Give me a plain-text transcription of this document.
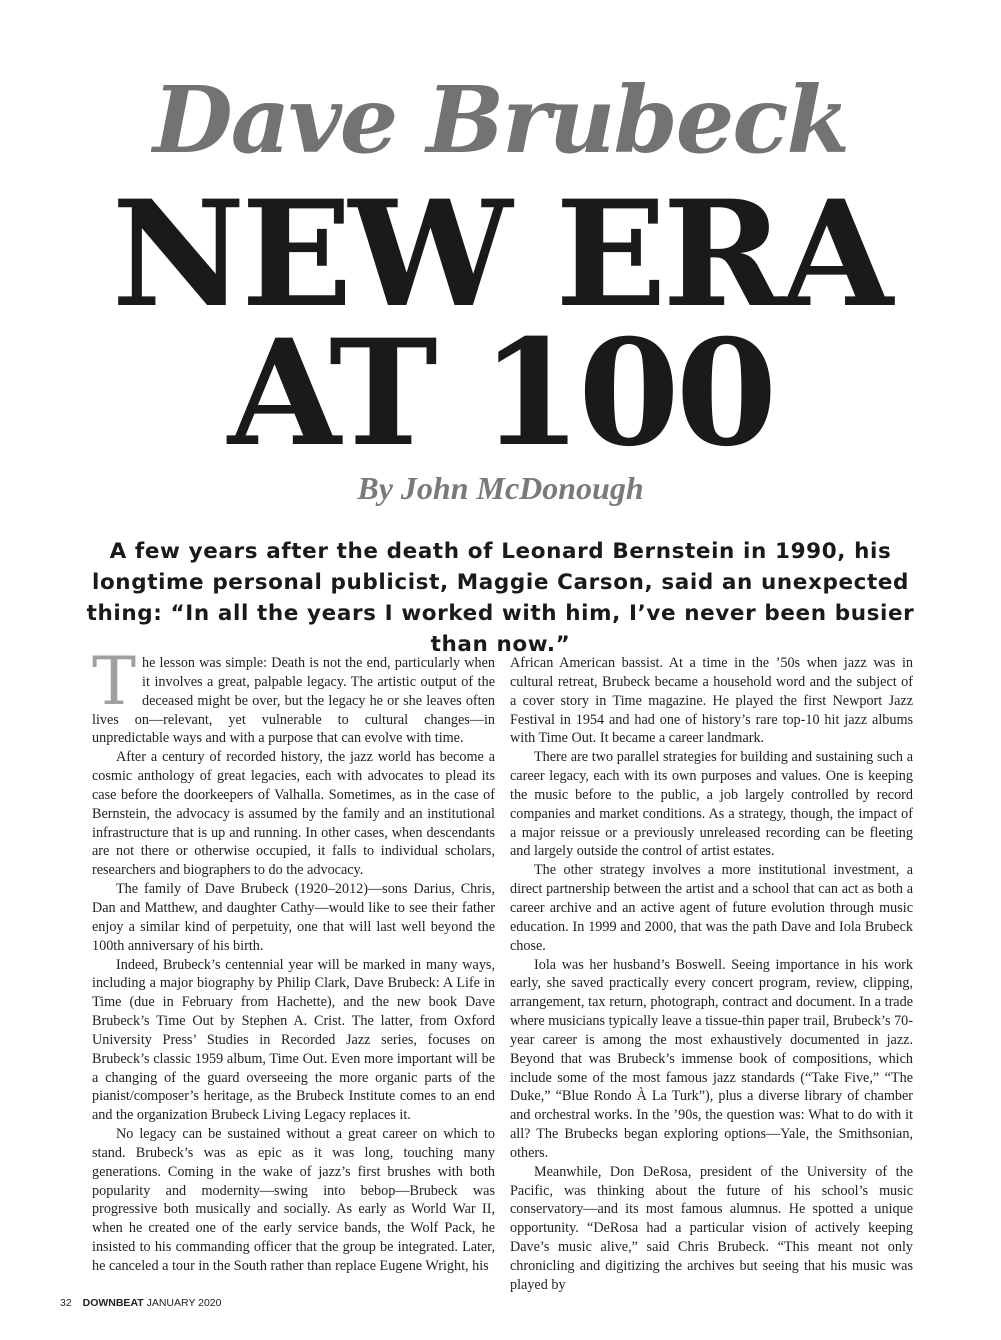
Dave Brubeck
NEW ERA
AT 100
By John McDonough
A few years after the death of Leonard Bernstein in 1990, his longtime personal publicist, Maggie Carson, said an unexpected thing: “In all the years I worked with him, I’ve never been busier than now.”

The lesson was simple: Death is not the end, particularly when it involves a great, palpable legacy. The artistic output of the deceased might be over, but the legacy he or she leaves often lives on—relevant, yet vulnerable to cultural changes—in unpredictable ways and with a purpose that can evolve with time.

After a century of recorded history, the jazz world has become a cosmic anthology of great legacies, each with advocates to plead its case before the doorkeepers of Valhalla. Sometimes, as in the case of Bernstein, the advocacy is assumed by the family and an institutional infrastructure that is up and running. In other cases, when descendants are not there or otherwise occupied, it falls to individual scholars, researchers and biographers to do the advocacy.

The family of Dave Brubeck (1920–2012)—sons Darius, Chris, Dan and Matthew, and daughter Cathy—would like to see their father enjoy a similar kind of perpetuity, one that will last well beyond the 100th anniversary of his birth.

Indeed, Brubeck’s centennial year will be marked in many ways, including a major biography by Philip Clark, Dave Brubeck: A Life in Time (due in February from Hachette), and the new book Dave Brubeck’s Time Out by Stephen A. Crist. The latter, from Oxford University Press’ Studies in Recorded Jazz series, focuses on Brubeck’s classic 1959 album, Time Out. Even more important will be a changing of the guard overseeing the more organic parts of the pianist/composer’s heritage, as the Brubeck Institute comes to an end and the organization Brubeck Living Legacy replaces it.

No legacy can be sustained without a great career on which to stand. Brubeck’s was as epic as it was long, touching many generations. Coming in the wake of jazz’s first brushes with both popularity and modernity—swing into bebop—Brubeck was progressive both musically and socially. As early as World War II, when he created one of the early service bands, the Wolf Pack, he insisted to his commanding officer that the group be integrated. Later, he canceled a tour in the South rather than replace Eugene Wright, his

African American bassist. At a time in the ’50s when jazz was in cultural retreat, Brubeck became a household word and the subject of a cover story in Time magazine. He played the first Newport Jazz Festival in 1954 and had one of history’s rare top-10 hit jazz albums with Time Out. It became a career landmark.

There are two parallel strategies for building and sustaining such a career legacy, each with its own purposes and values. One is keeping the music before to the public, a job largely controlled by record companies and market conditions. As a strategy, though, the impact of a major reissue or a previously unreleased recording can be fleeting and largely outside the control of artist estates.

The other strategy involves a more institutional investment, a direct partnership between the artist and a school that can act as both a career archive and an active agent of future evolution through music education. In 1999 and 2000, that was the path Dave and Iola Brubeck chose.

Iola was her husband’s Boswell. Seeing importance in his work early, she saved practically every concert program, review, clipping, arrangement, tax return, photograph, contract and document. In a trade where musicians typically leave a tissue-thin paper trail, Brubeck’s 70-year career is among the most exhaustively documented in jazz. Beyond that was Brubeck’s immense book of compositions, which include some of the most famous jazz standards (“Take Five,” “The Duke,” “Blue Rondo À La Turk”), plus a diverse library of chamber and orchestral works. In the ’90s, the question was: What to do with it all? The Brubecks began exploring options—Yale, the Smithsonian, others.

Meanwhile, Don DeRosa, president of the University of the Pacific, was thinking about the future of his school’s music conservatory—and its most famous alumnus. He spotted a unique opportunity. “DeRosa had a particular vision of actively keeping Dave’s music alive,” said Chris Brubeck. “This meant not only chronicling and digitizing the archives but seeing that his music was played by

32 DOWNBEAT JANUARY 2020
